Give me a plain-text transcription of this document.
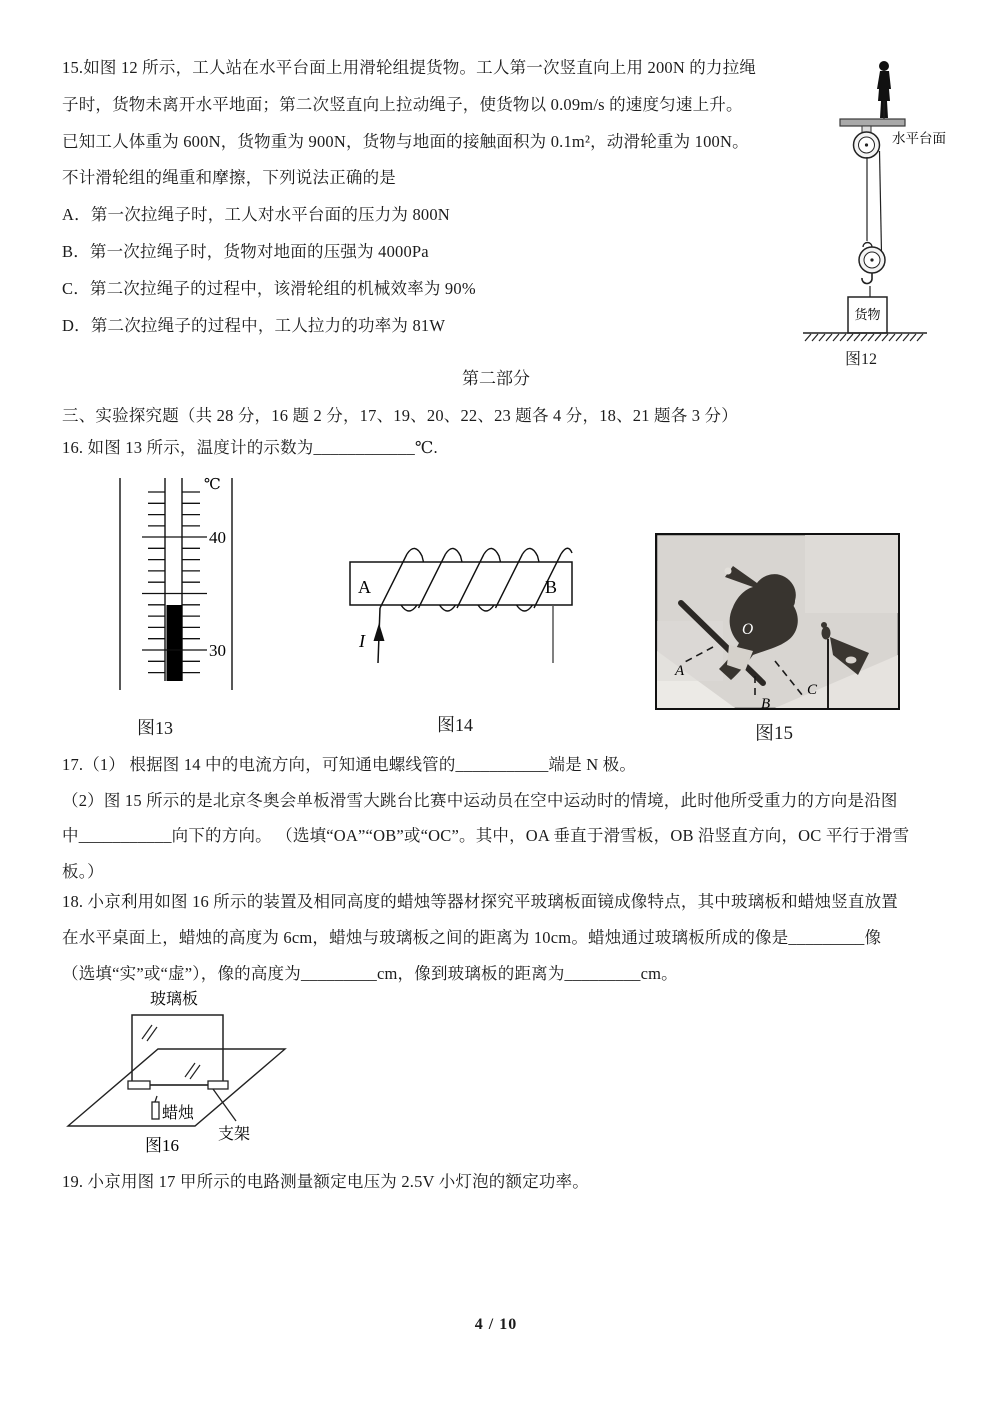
15.如图 12 所示，工人站在水平台面上用滑轮组提货物。工人第一次竖直向上用 200N 的力拉绳
子时，货物未离开水平地面；第二次竖直向上拉动绳子，使货物以 0.09m/s 的速度匀速上升。
已知工人体重为 600N，货物重为 900N，货物与地面的接触面积为 0.1m²，动滑轮重为 100N。
不计滑轮组的绳重和摩擦，下列说法正确的是
A．第一次拉绳子时，工人对水平台面的压力为 800N
B．第一次拉绳子时，货物对地面的压强为 4000Pa
C．第二次拉绳子的过程中，该滑轮组的机械效率为 90%
D．第二次拉绳子的过程中，工人拉力的功率为 81W
水平台面
货物
图12
第二部分
三、实验探究题（共 28 分，16 题 2 分，17、19、20、22、23 题各 4 分，18、21 题各 3 分）
16. 如图 13 所示，温度计的示数为____________℃.
℃
40
30
图13
A	B
I
图14
O
A
B
C
图15
17.（1） 根据图 14 中的电流方向，可知通电螺线管的___________端是 N 极。
（2）图 15 所示的是北京冬奥会单板滑雪大跳台比赛中运动员在空中运动时的情境，此时他所受重力的方向是沿图
中___________向下的方向。 （选填“OA”“OB”或“OC”。其中，OA 垂直于滑雪板，OB 沿竖直方向，OC 平行于滑雪
板。）
18. 小京利用如图 16 所示的装置及相同高度的蜡烛等器材探究平玻璃板面镜成像特点，其中玻璃板和蜡烛竖直放置
在水平桌面上，蜡烛的高度为 6cm，蜡烛与玻璃板之间的距离为 10cm。蜡烛通过玻璃板所成的像是_________像
（选填“实”或“虚”），像的高度为_________cm，像到玻璃板的距离为_________cm。
玻璃板
蜡烛
支架
图16
19. 小京用图 17 甲所示的电路测量额定电压为 2.5V 小灯泡的额定功率。
4 / 10
